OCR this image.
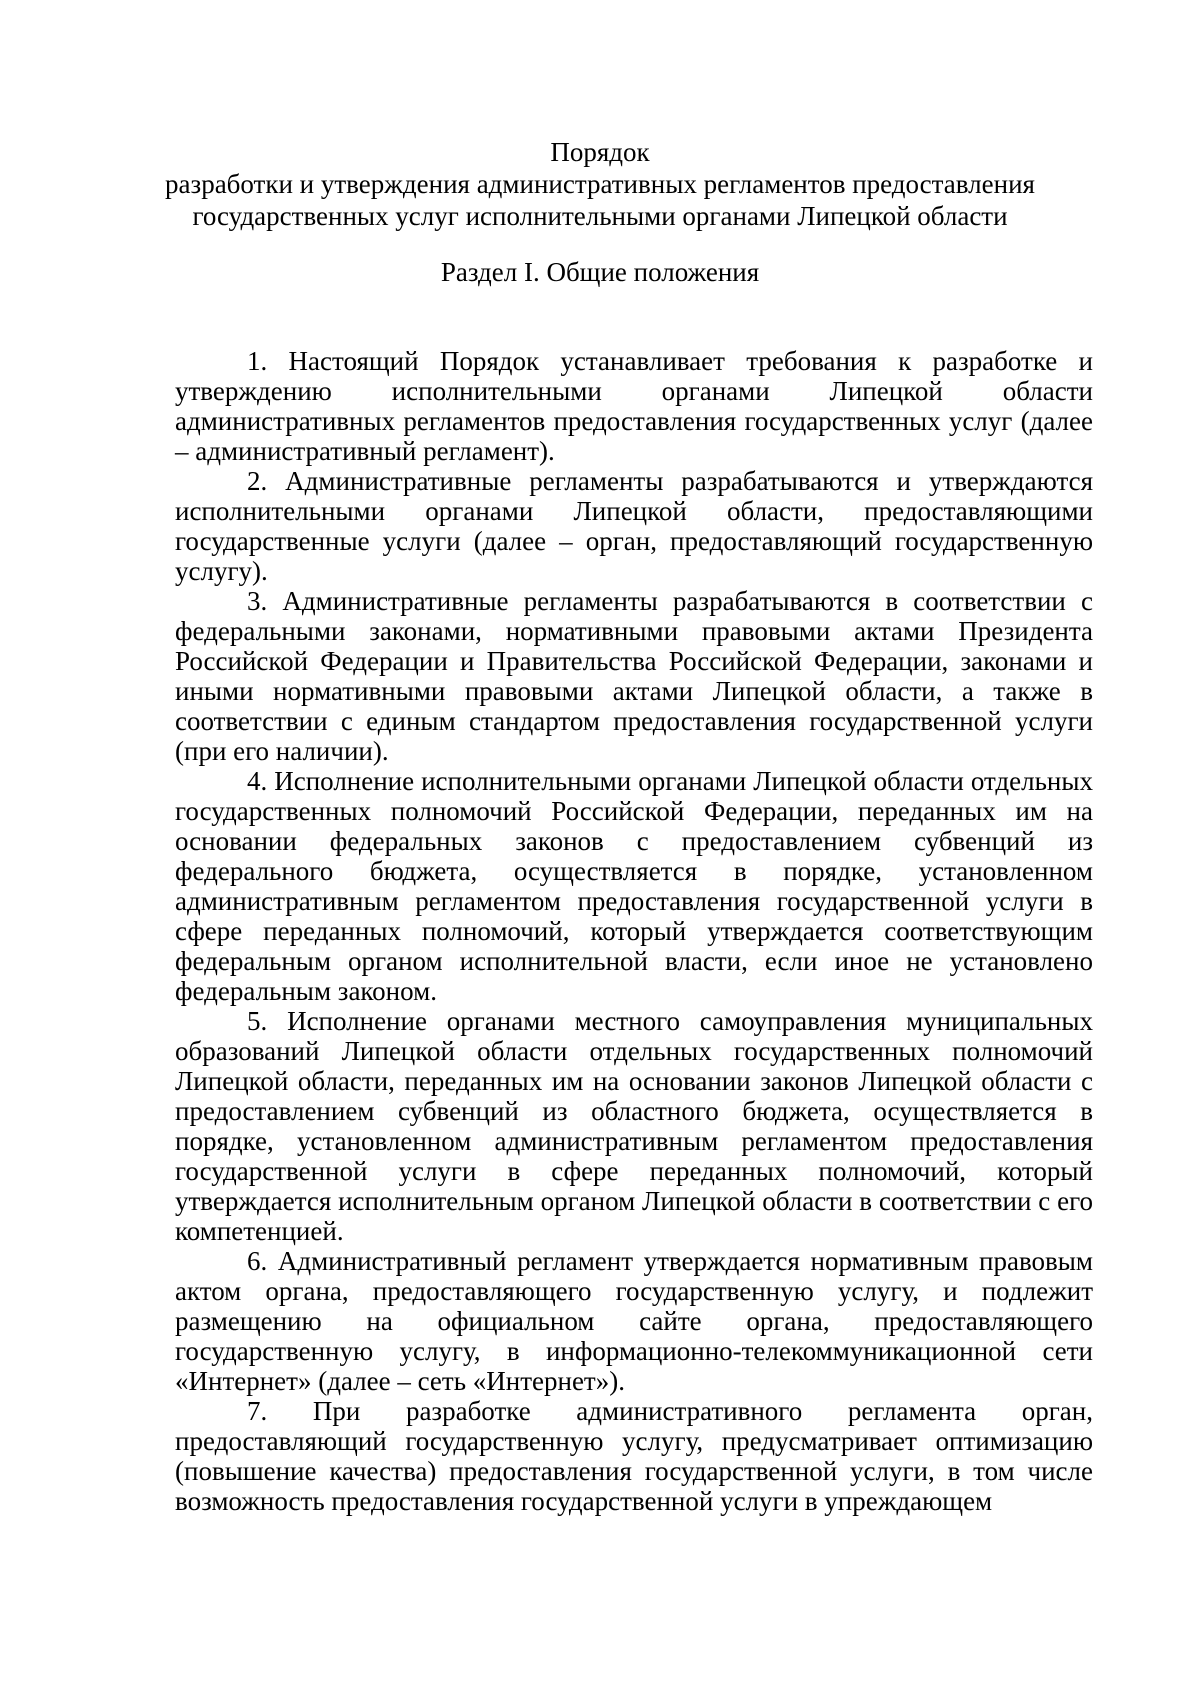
Порядок
разработки и утверждения административных регламентов предоставления
государственных услуг исполнительными органами Липецкой области
Раздел I. Общие положения

1. Настоящий Порядок устанавливает требования к разработке и утверждению исполнительными органами Липецкой области административных регламентов предоставления государственных услуг (далее – административный регламент).

2. Административные регламенты разрабатываются и утверждаются исполнительными органами Липецкой области, предоставляющими государственные услуги (далее – орган, предоставляющий государственную услугу).

3. Административные регламенты разрабатываются в соответствии с федеральными законами, нормативными правовыми актами Президента Российской Федерации и Правительства Российской Федерации, законами и иными нормативными правовыми актами Липецкой области, а также в соответствии с единым стандартом предоставления государственной услуги (при его наличии).

4. Исполнение исполнительными органами Липецкой области отдельных государственных полномочий Российской Федерации, переданных им на основании федеральных законов с предоставлением субвенций из федерального бюджета, осуществляется в порядке, установленном административным регламентом предоставления государственной услуги в сфере переданных полномочий, который утверждается соответствующим федеральным органом исполнительной власти, если иное не установлено федеральным законом.

5. Исполнение органами местного самоуправления муниципальных образований Липецкой области отдельных государственных полномочий Липецкой области, переданных им на основании законов Липецкой области с предоставлением субвенций из областного бюджета, осуществляется в порядке, установленном административным регламентом предоставления государственной услуги в сфере переданных полномочий, который утверждается исполнительным органом Липецкой области в соответствии с его компетенцией.

6. Административный регламент утверждается нормативным правовым актом органа, предоставляющего государственную услугу, и подлежит размещению на официальном сайте органа, предоставляющего государственную услугу, в информационно-телекоммуникационной сети «Интернет» (далее – сеть «Интернет»).

7. При разработке административного регламента орган, предоставляющий государственную услугу, предусматривает оптимизацию (повышение качества) предоставления государственной услуги, в том числе возможность предоставления государственной услуги в упреждающем
